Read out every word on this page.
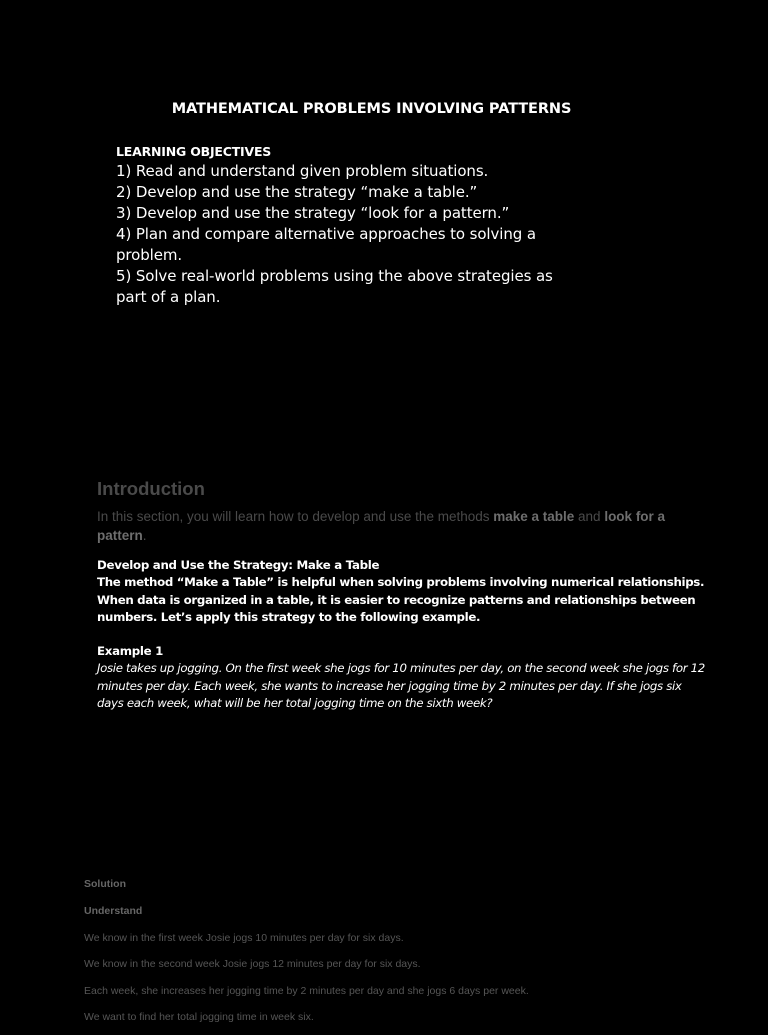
MATHEMATICAL PROBLEMS INVOLVING PATTERNS
LEARNING OBJECTIVES
1) Read and understand given problem situations.
2) Develop and use the strategy “make a table.”
3) Develop and use the strategy “look for a pattern.”
4) Plan and compare alternative approaches to solving a problem.
5) Solve real-world problems using the above strategies as part of a plan.
Introduction
In this section, you will learn how to develop and use the methods make a table and look for a pattern.
Develop and Use the Strategy: Make a Table
The method “Make a Table” is helpful when solving problems involving numerical relationships. When data is organized in a table, it is easier to recognize patterns and relationships between numbers. Let’s apply this strategy to the following example.
Example 1
Josie takes up jogging. On the first week she jogs for 10 minutes per day, on the second week she jogs for 12 minutes per day. Each week, she wants to increase her jogging time by 2 minutes per day. If she jogs six days each week, what will be her total jogging time on the sixth week?
Solution
Understand
We know in the first week Josie jogs 10 minutes per day for six days.
We know in the second week Josie jogs 12 minutes per day for six days.
Each week, she increases her jogging time by 2 minutes per day and she jogs 6 days per week.
We want to find her total jogging time in week six.
